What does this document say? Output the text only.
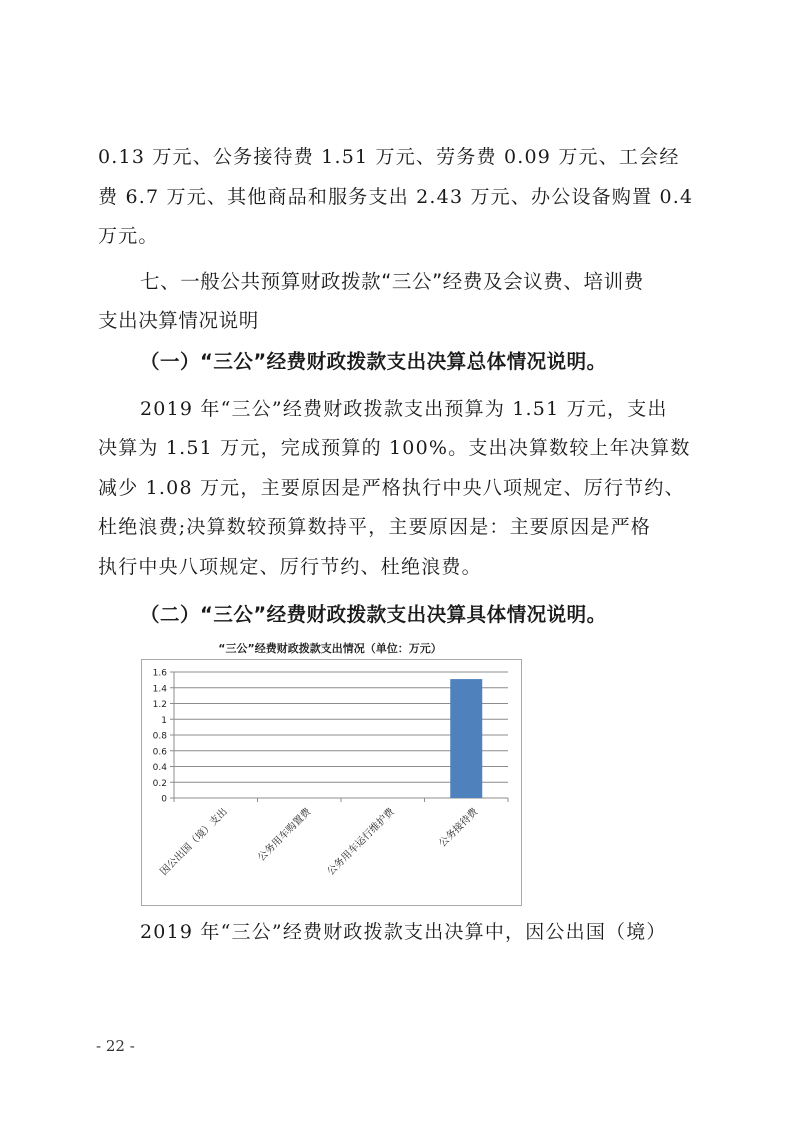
0.13 万元、公务接待费 1.51 万元、劳务费 0.09 万元、工会经
费 6.7 万元、其他商品和服务支出 2.43 万元、办公设备购置 0.4
万元。
七、一般公共预算财政拨款“三公”经费及会议费、培训费
支出决算情况说明
（一）“三公”经费财政拨款支出决算总体情况说明。
2019 年“三公”经费财政拨款支出预算为 1.51 万元，支出
决算为 1.51 万元，完成预算的 100%。支出决算数较上年决算数
减少 1.08 万元，主要原因是严格执行中央八项规定、厉行节约、
杜绝浪费;决算数较预算数持平，主要原因是：主要原因是严格
执行中央八项规定、厉行节约、杜绝浪费。
（二）“三公”经费财政拨款支出决算具体情况说明。
“三公”经费财政拨款支出情况（单位：万元）
0
0.2
0.4
0.6
0.8
1
1.2
1.4
1.6
因公出国（境）支出	公务用车购置费 公务用车运行维护费	公务接待费
2019 年“三公”经费财政拨款支出决算中，因公出国（境）
- 22 -
